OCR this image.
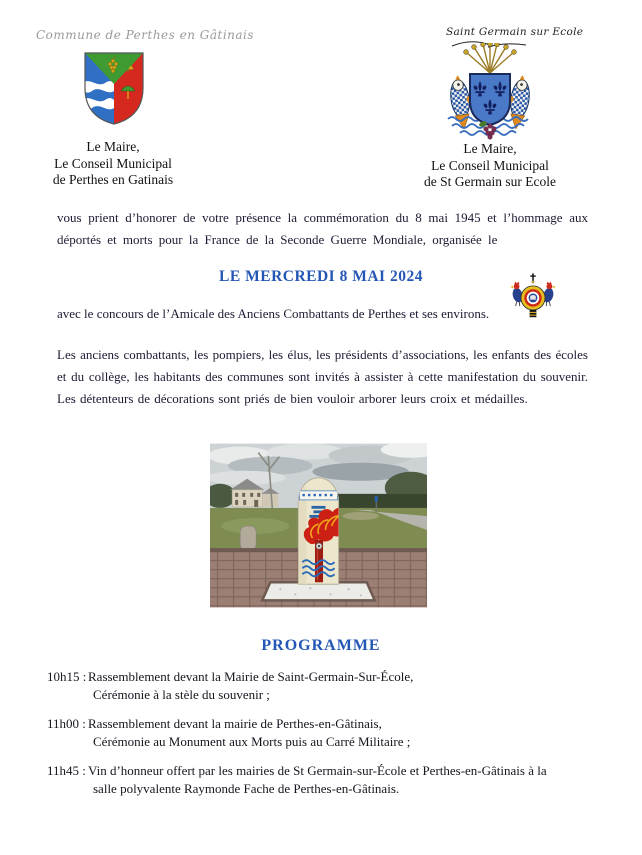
Commune de Perthes en Gâtinais	Saint Germain sur Ecole
Le Maire,
Le Conseil Municipal
de Perthes en Gatinais
Le Maire,
Le Conseil Municipal
de St Germain sur Ecole

vous prient d’honorer de votre présence la commémoration du 8 mai 1945 et l’hommage aux déportés et morts pour la France de la Seconde Guerre Mondiale, organisée le

LE MERCREDI 8 MAI 2024

avec le concours de l’Amicale des Anciens Combattants de Perthes et ses environs.

Les anciens combattants, les pompiers, les élus, les présidents d’associations, les enfants des écoles et du collège, les habitants des communes sont invités à assister à cette manifestation du souvenir. Les détenteurs de décorations sont priés de bien vouloir arborer leurs croix et médailles.

PROGRAMME
10h15 : Rassemblement devant la Mairie de Saint-Germain-Sur-École,
Cérémonie à la stèle du souvenir ;
11h00 : Rassemblement devant la mairie de Perthes-en-Gâtinais,
Cérémonie au Monument aux Morts puis au Carré Militaire ;
11h45 : Vin d’honneur offert par les mairies de St Germain-sur-École et Perthes-en-Gâtinais à la
salle polyvalente Raymonde Fache de Perthes-en-Gâtinais.
